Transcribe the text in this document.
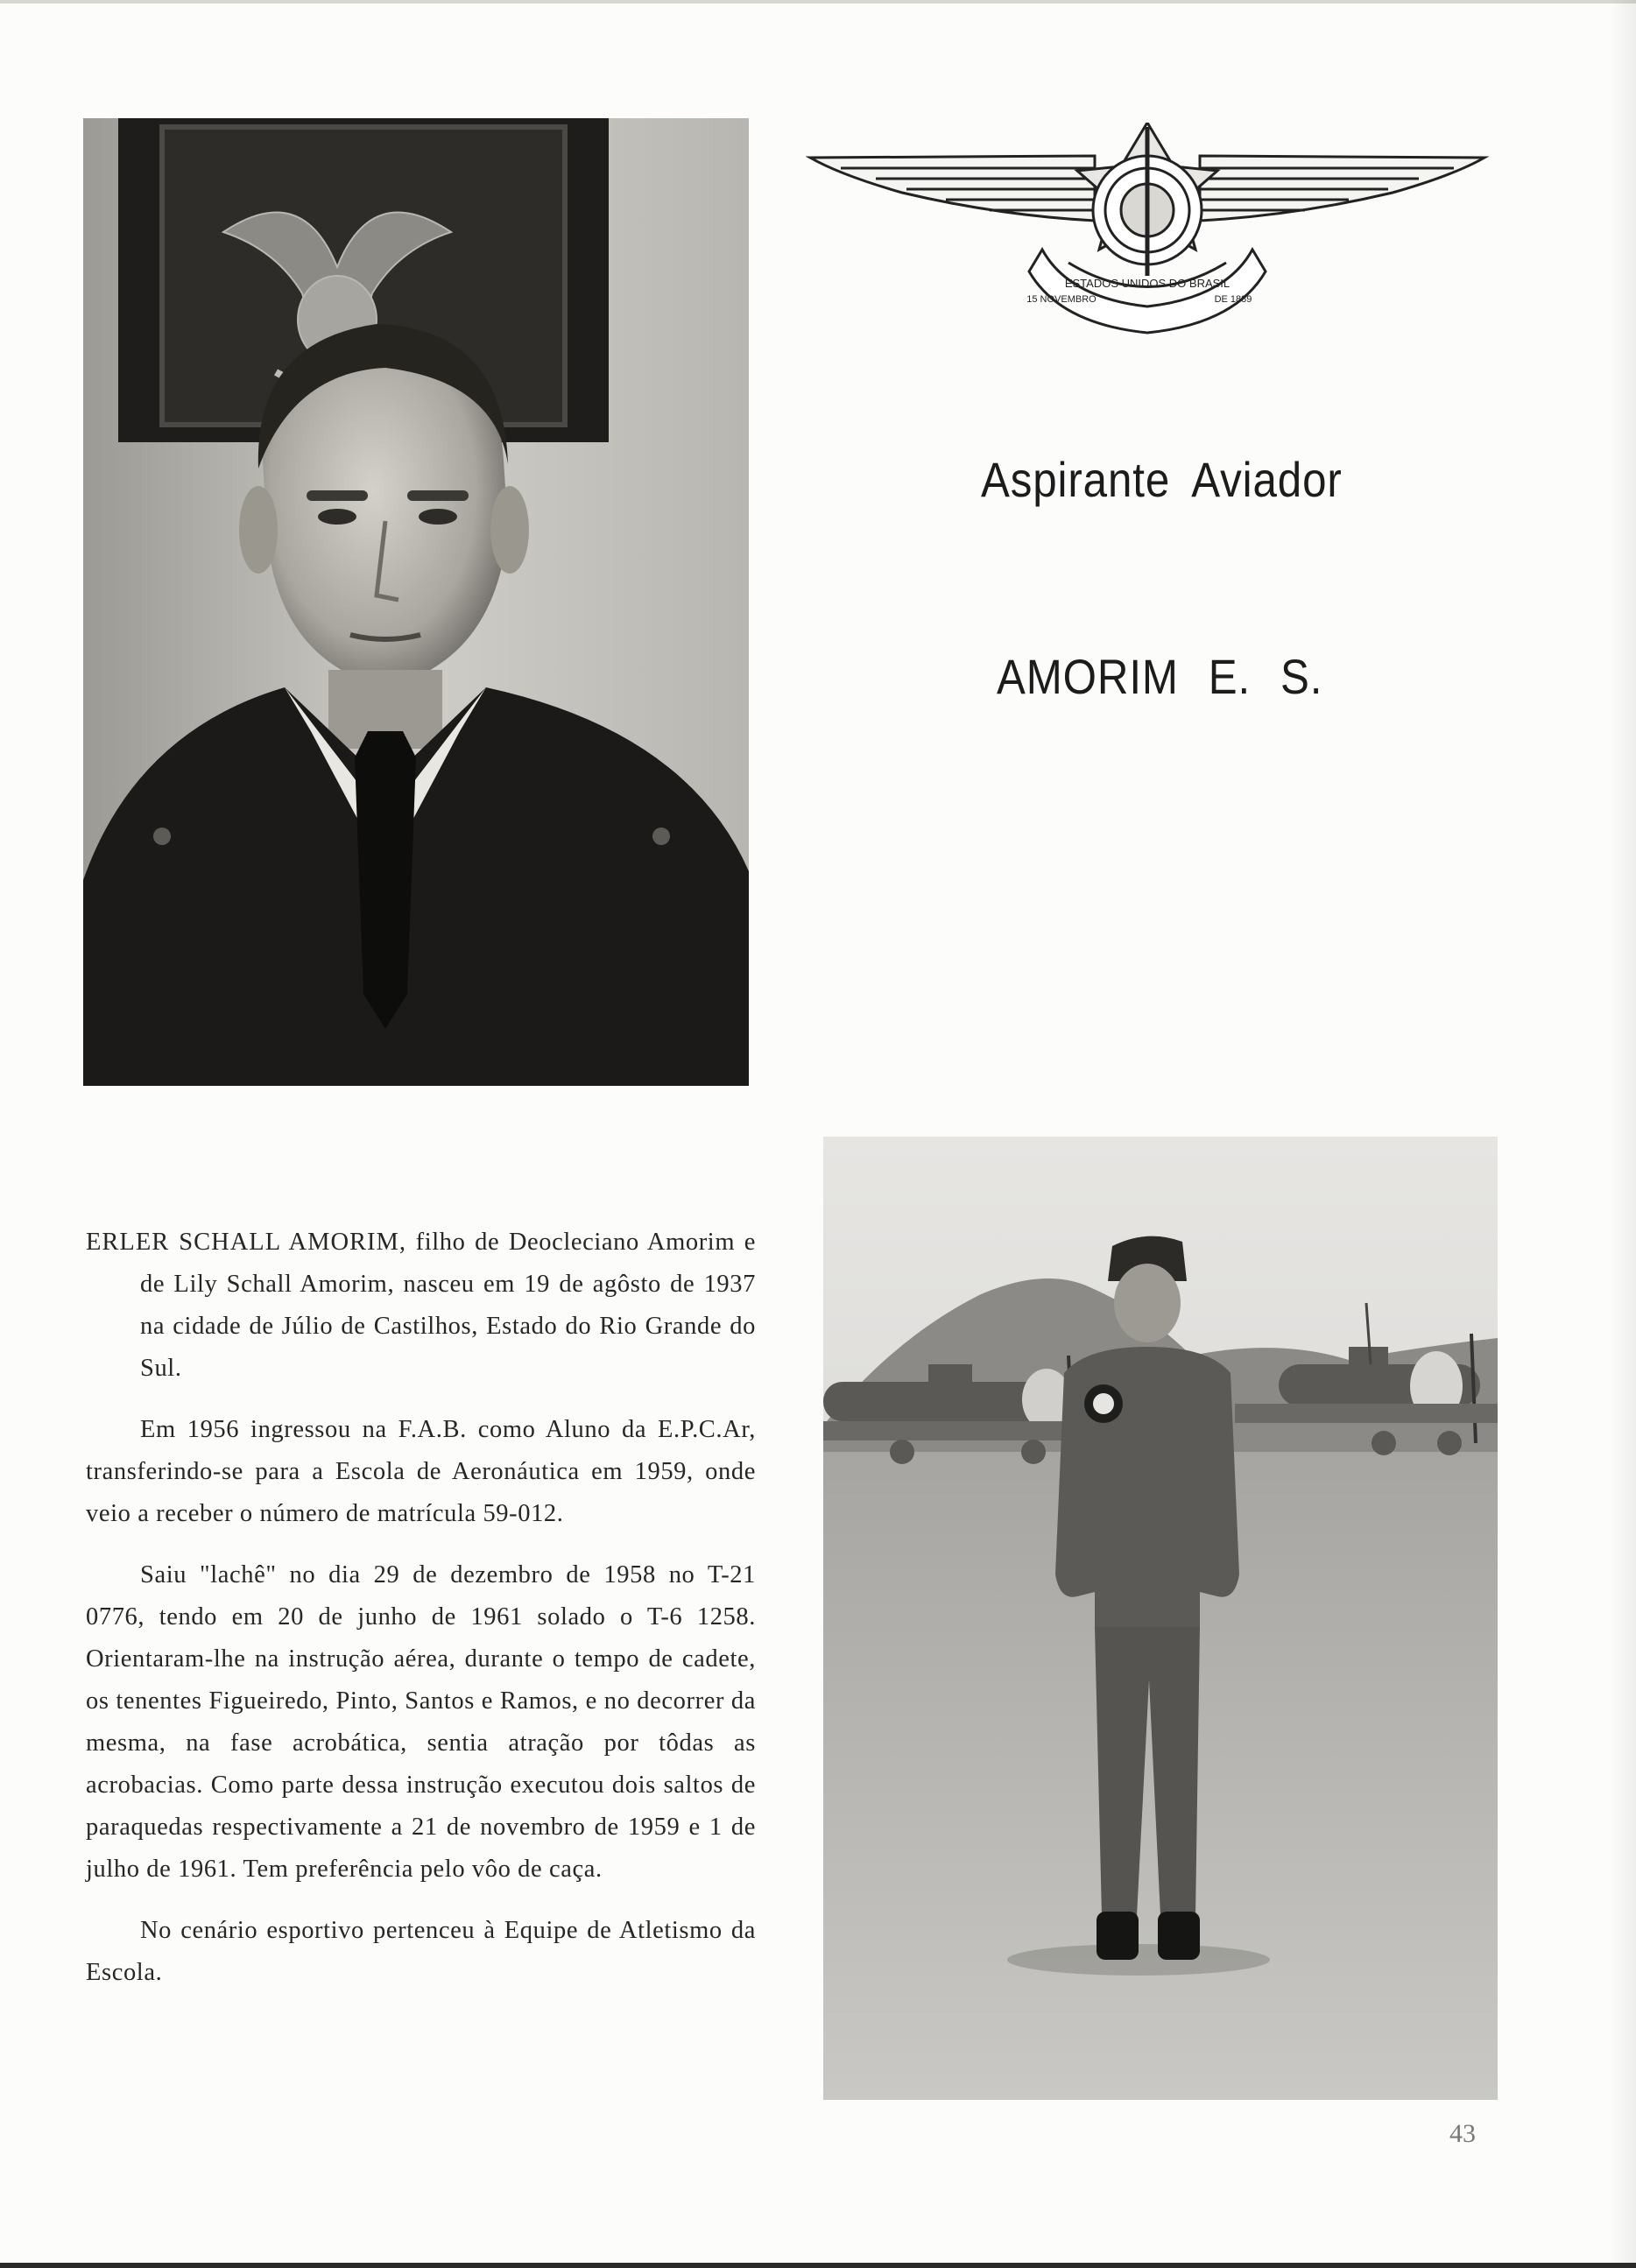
ESTADOS UNIDOS DO BRASIL
15 NOVEMBRO	DE 1889
Aspirante Aviador
AMORIM E. S.

ERLER SCHALL AMORIM, filho de Deocleciano Amorim e de Lily Schall Amorim, nasceu em 19 de agôsto de 1937 na cidade de Júlio de Castilhos, Estado do Rio Grande do Sul.

Em 1956 ingressou na F.A.B. como Aluno da E.P.C.Ar, transferindo-se para a Escola de Aeronáutica em 1959, onde veio a receber o número de matrícula 59-012.

Saiu "lachê" no dia 29 de dezembro de 1958 no T-21 0776, tendo em 20 de junho de 1961 solado o T-6 1258. Orientaram-lhe na instrução aérea, durante o tempo de cadete, os tenentes Figueiredo, Pinto, Santos e Ramos, e no decorrer da mesma, na fase acrobática, sentia atração por tôdas as acrobacias. Como parte dessa instrução executou dois saltos de paraquedas respectivamente a 21 de novembro de 1959 e 1 de julho de 1961. Tem preferência pelo vôo de caça.

No cenário esportivo pertenceu à Equipe de Atletismo da Escola.

43
